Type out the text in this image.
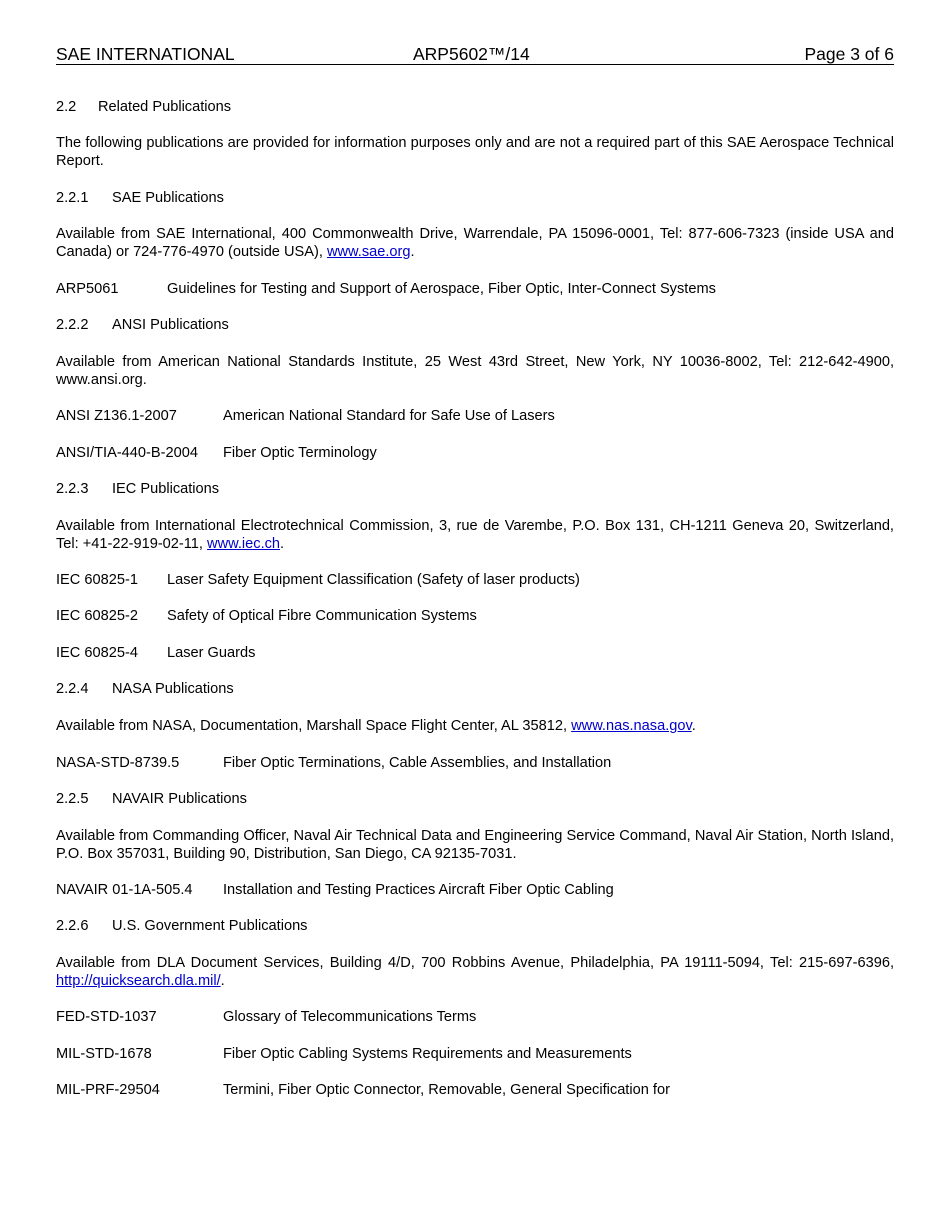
SAE INTERNATIONAL	ARP5602™/14	Page 3 of 6

2.2 Related Publications

The following publications are provided for information purposes only and are not a required part of this SAE Aerospace Technical Report.

2.2.1 SAE Publications

Available from SAE International, 400 Commonwealth Drive, Warrendale, PA 15096-0001, Tel: 877-606-7323 (inside USA and Canada) or 724-776-4970 (outside USA), www.sae.org.

ARP5061	Guidelines for Testing and Support of Aerospace, Fiber Optic, Inter-Connect Systems

2.2.2 ANSI Publications

Available from American National Standards Institute, 25 West 43rd Street, New York, NY 10036-8002, Tel: 212-642-4900, www.ansi.org.

ANSI Z136.1-2007	American National Standard for Safe Use of Lasers
ANSI/TIA-440-B-2004 Fiber Optic Terminology

2.2.3 IEC Publications

Available from International Electrotechnical Commission, 3, rue de Varembe, P.O. Box 131, CH-1211 Geneva 20, Switzerland, Tel: +41-22-919-02-11, www.iec.ch.

IEC 60825-1 Laser Safety Equipment Classification (Safety of laser products)
IEC 60825-2 Safety of Optical Fibre Communication Systems
IEC 60825-4 Laser Guards

2.2.4 NASA Publications

Available from NASA, Documentation, Marshall Space Flight Center, AL 35812, www.nas.nasa.gov.

NASA-STD-8739.5	Fiber Optic Terminations, Cable Assemblies, and Installation

2.2.5 NAVAIR Publications

Available from Commanding Officer, Naval Air Technical Data and Engineering Service Command, Naval Air Station, North Island, P.O. Box 357031, Building 90, Distribution, San Diego, CA 92135-7031.

NAVAIR 01-1A-505.4 Installation and Testing Practices Aircraft Fiber Optic Cabling

2.2.6 U.S. Government Publications

Available from DLA Document Services, Building 4/D, 700 Robbins Avenue, Philadelphia, PA 19111-5094, Tel: 215-697-6396, http://quicksearch.dla.mil/.

FED-STD-1037	Glossary of Telecommunications Terms
MIL-STD-1678	Fiber Optic Cabling Systems Requirements and Measurements
MIL-PRF-29504	Termini, Fiber Optic Connector, Removable, General Specification for
